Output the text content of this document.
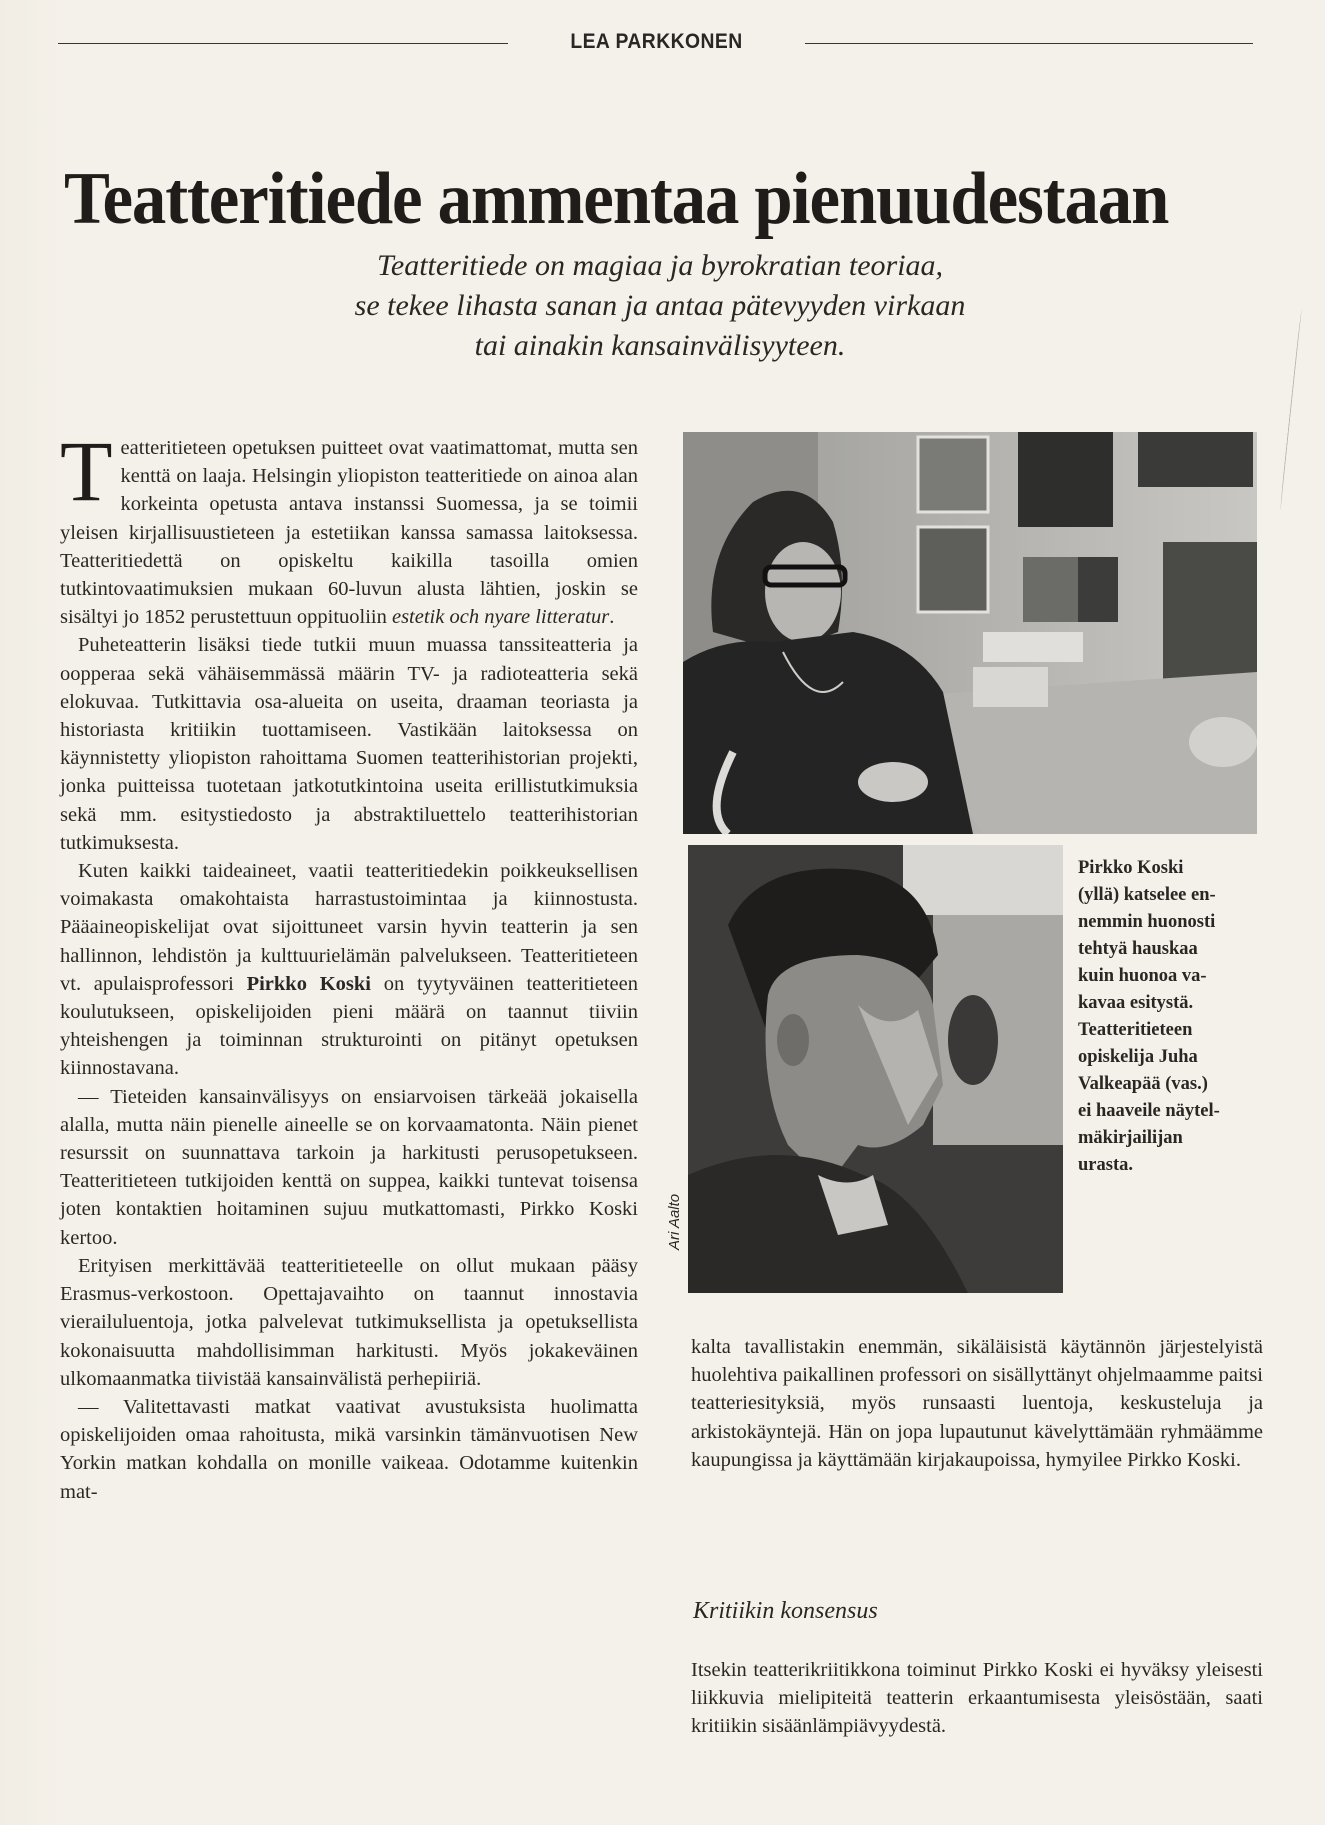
LEA PARKKONEN
Teatteritiede ammentaa pienuudestaan
Teatteritiede on magiaa ja byrokratian teoriaa,
se tekee lihasta sanan ja antaa pätevyyden virkaan
tai ainakin kansainvälisyyteen.

Teatteritieteen opetuksen puitteet ovat vaatimattomat, mutta sen kenttä on laaja. Helsingin yliopiston teatteritiede on ainoa alan korkeinta opetusta antava instanssi Suomessa, ja se toimii yleisen kirjallisuustieteen ja estetiikan kanssa samassa laitoksessa. Teatteritiedettä on opiskeltu kaikilla tasoilla omien tutkintovaatimuksien mukaan 60-luvun alusta lähtien, joskin se sisältyi jo 1852 perustettuun oppituoliin estetik och nyare litteratur.

Puheteatterin lisäksi tiede tutkii muun muassa tanssiteatteria ja oopperaa sekä vähäisemmässä määrin TV- ja radioteatteria sekä elokuvaa. Tutkittavia osa-alueita on useita, draaman teoriasta ja historiasta kritiikin tuottamiseen. Vastikään laitoksessa on käynnistetty yliopiston rahoittama Suomen teatterihistorian projekti, jonka puitteissa tuotetaan jatkotutkintoina useita erillistutkimuksia sekä mm. esitystiedosto ja abstraktiluettelo teatterihistorian tutkimuksesta.

Kuten kaikki taideaineet, vaatii teatteritiedekin poikkeuksellisen voimakasta omakohtaista harrastustoimintaa ja kiinnostusta. Pääaineopiskelijat ovat sijoittuneet varsin hyvin teatterin ja sen hallinnon, lehdistön ja kulttuurielämän palvelukseen. Teatteritieteen vt. apulaisprofessori Pirkko Koski on tyytyväinen teatteritieteen koulutukseen, opiskelijoiden pieni määrä on taannut tiiviin yhteishengen ja toiminnan strukturointi on pitänyt opetuksen kiinnostavana.

— Tieteiden kansainvälisyys on ensiarvoisen tärkeää jokaisella alalla, mutta näin pienelle aineelle se on korvaamatonta. Näin pienet resurssit on suunnattava tarkoin ja harkitusti perusopetukseen. Teatteritieteen tutkijoiden kenttä on suppea, kaikki tuntevat toisensa joten kontaktien hoitaminen sujuu mutkattomasti, Pirkko Koski kertoo.

Erityisen merkittävää teatteritieteelle on ollut mukaan pääsy Erasmus-verkostoon. Opettajavaihto on taannut innostavia vierailuluentoja, jotka palvelevat tutkimuksellista ja opetuksellista kokonaisuutta mahdollisimman harkitusti. Myös jokakeväinen ulkomaanmatka tiivistää kansainvälistä perhepiiriä.

— Valitettavasti matkat vaativat avustuksista huolimatta opiskelijoiden omaa rahoitusta, mikä varsinkin tämänvuotisen New Yorkin matkan kohdalla on monille vaikeaa. Odotamme kuitenkin mat-

Ari Aalto
Pirkko Koski
(yllä) katselee en-
nemmin huonosti
tehtyä hauskaa
kuin huonoa va-
kavaa esitystä.
Teatteritieteen
opiskelija Juha
Valkeapää (vas.)
ei haaveile näytel-
mäkirjailijan
urasta.

kalta tavallistakin enemmän, sikäläisistä käytännön järjestelyistä huolehtiva paikallinen professori on sisällyttänyt ohjelmaamme paitsi teatteriesityksiä, myös runsaasti luentoja, keskusteluja ja arkistokäyntejä. Hän on jopa lupautunut kävelyttämään ryhmäämme kaupungissa ja käyttämään kirjakaupoissa, hymyilee Pirkko Koski.

Kritiikin konsensus

Itsekin teatterikriitikkona toiminut Pirkko Koski ei hyväksy yleisesti liikkuvia mielipiteitä teatterin erkaantumisesta yleisöstään, saati kritiikin sisäänlämpiävyydestä.
